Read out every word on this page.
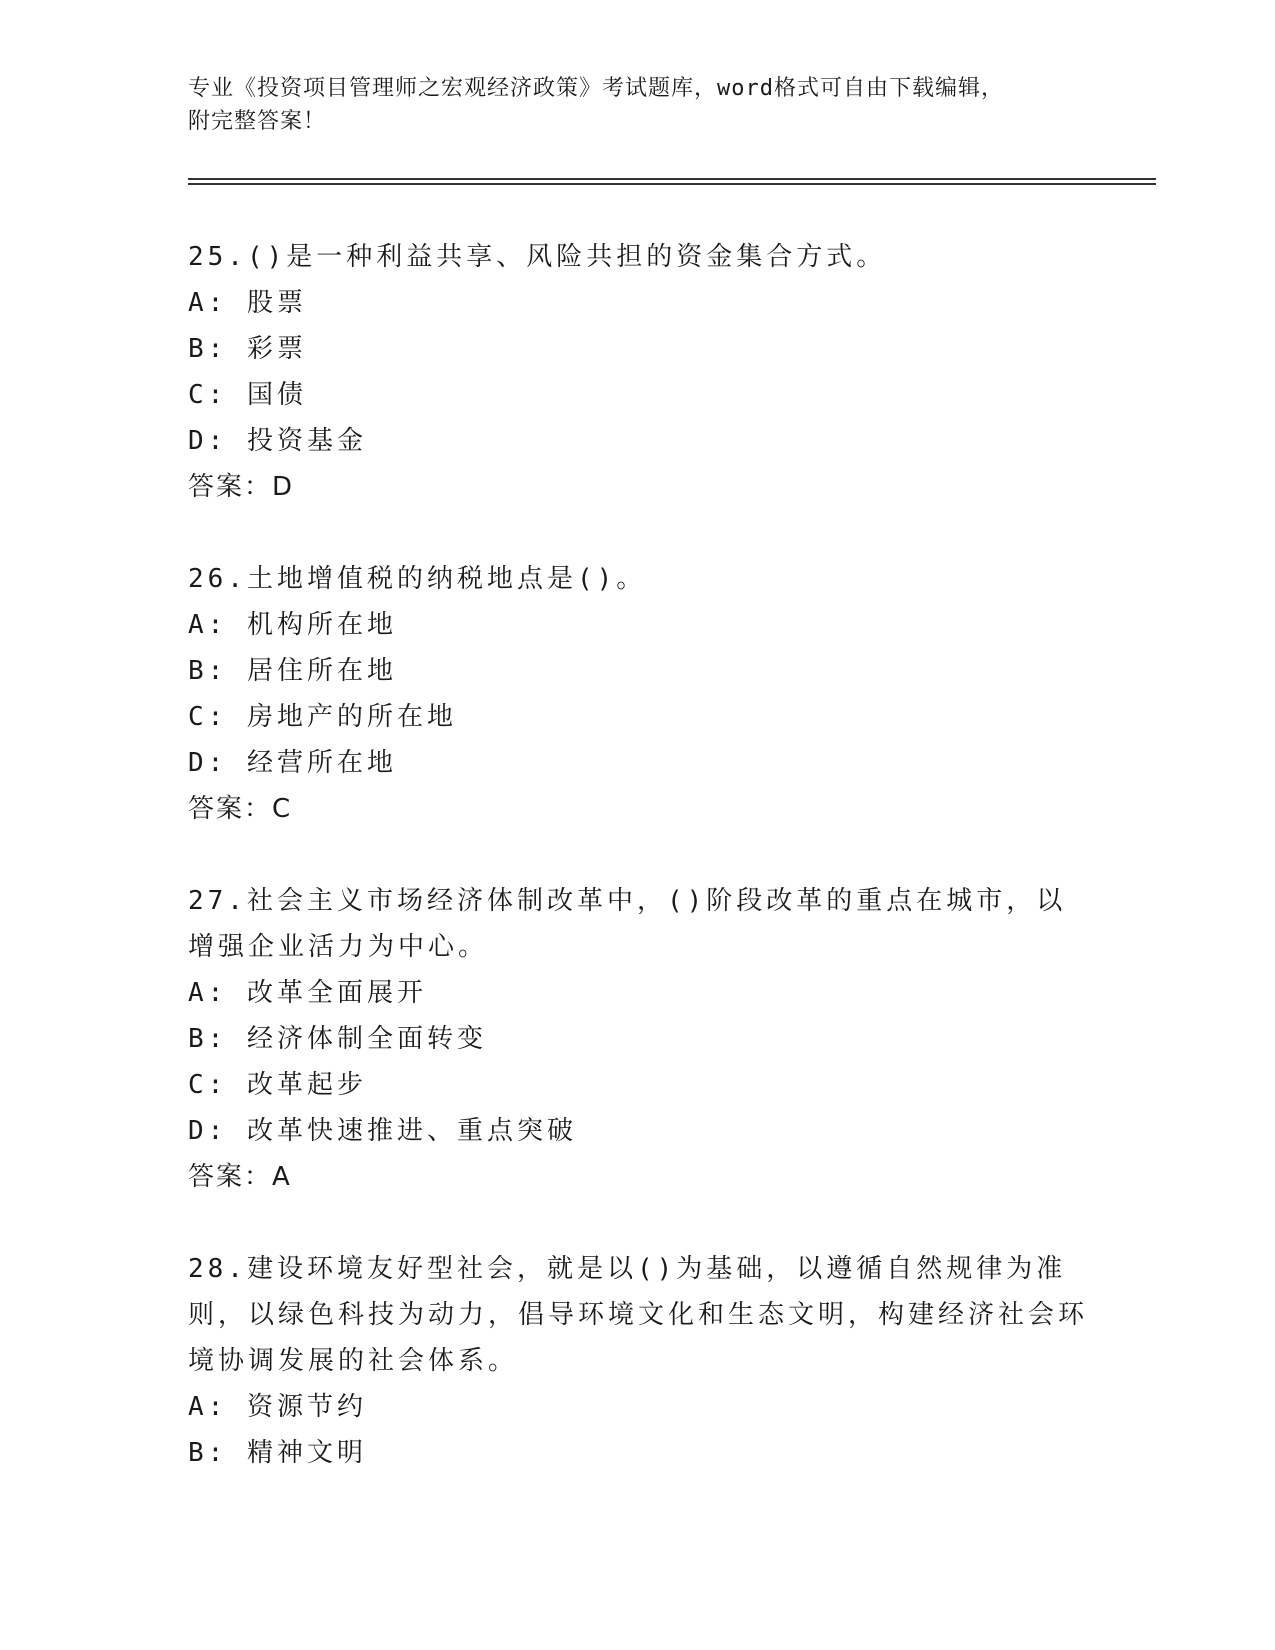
专业《投资项目管理师之宏观经济政策》考试题库，word格式可自由下载编辑，
附完整答案！

25.()是一种利益共享、风险共担的资金集合方式。

A: 股票

B: 彩票

C: 国债

D: 投资基金

答案：D

26.土地增值税的纳税地点是()。

A: 机构所在地

B: 居住所在地

C: 房地产的所在地

D: 经营所在地

答案：C

27.社会主义市场经济体制改革中，()阶段改革的重点在城市，以增强企业活力为中心。

A: 改革全面展开

B: 经济体制全面转变

C: 改革起步

D: 改革快速推进、重点突破

答案：A

28.建设环境友好型社会，就是以()为基础，以遵循自然规律为准则，以绿色科技为动力，倡导环境文化和生态文明，构建经济社会环境协调发展的社会体系。

A: 资源节约

B: 精神文明
